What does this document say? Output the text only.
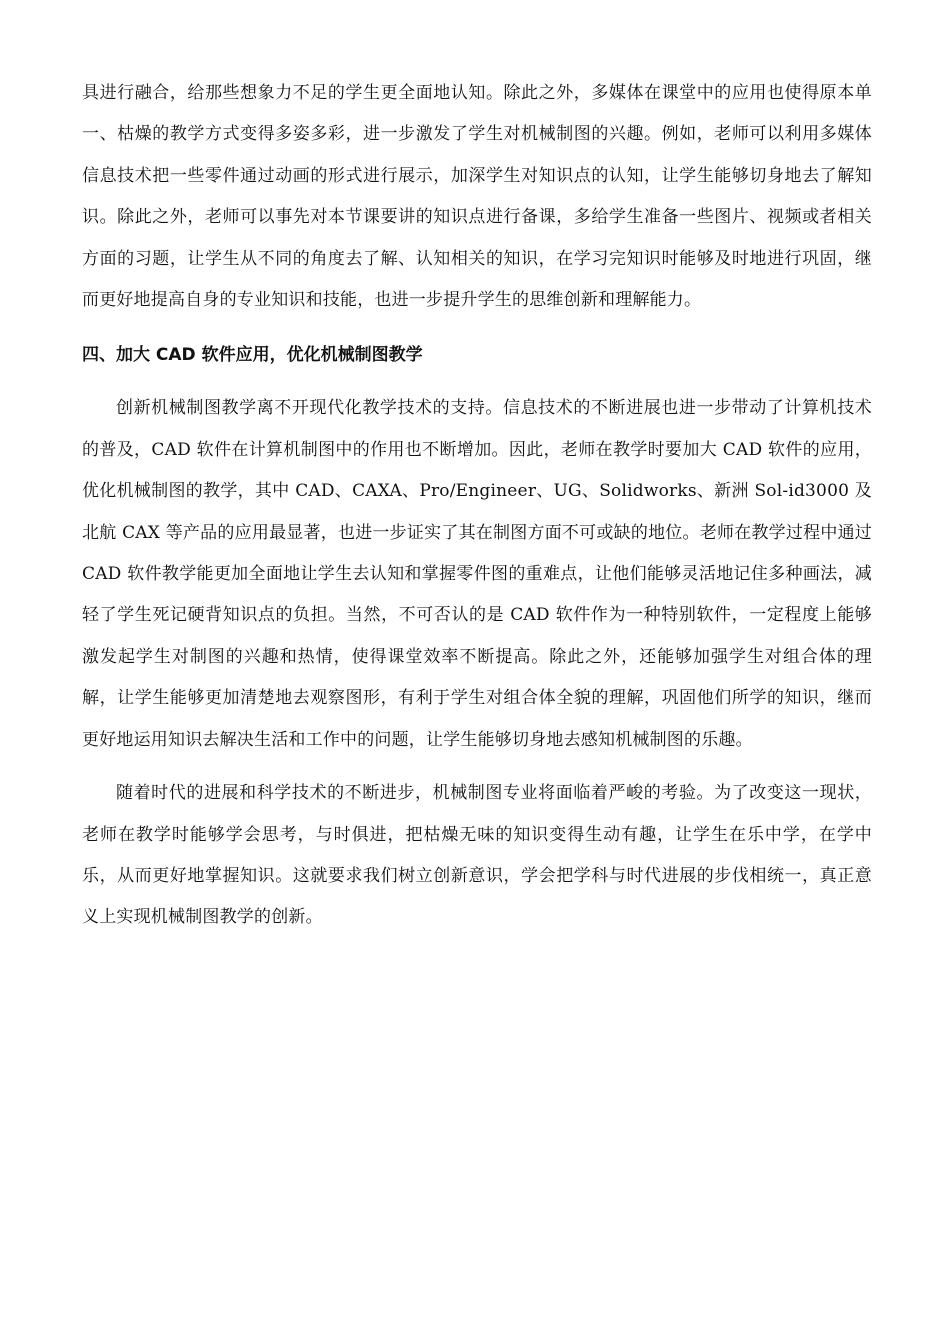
具进行融合，给那些想象力不足的学生更全面地认知。除此之外，多媒体在课堂中的应用也使得原本单一、枯燥的教学方式变得多姿多彩，进一步激发了学生对机械制图的兴趣。例如，老师可以利用多媒体信息技术把一些零件通过动画的形式进行展示，加深学生对知识点的认知，让学生能够切身地去了解知识。除此之外，老师可以事先对本节课要讲的知识点进行备课，多给学生准备一些图片、视频或者相关方面的习题，让学生从不同的角度去了解、认知相关的知识，在学习完知识时能够及时地进行巩固，继而更好地提高自身的专业知识和技能，也进一步提升学生的思维创新和理解能力。

四、加大 CAD 软件应用，优化机械制图教学

创新机械制图教学离不开现代化教学技术的支持。信息技术的不断进展也进一步带动了计算机技术的普及，CAD 软件在计算机制图中的作用也不断增加。因此，老师在教学时要加大 CAD 软件的应用，优化机械制图的教学，其中 CAD、CAXA、Pro/Engineer、UG、Solidworks、新洲 Sol-id3000 及北航 CAX 等产品的应用最显著，也进一步证实了其在制图方面不可或缺的地位。老师在教学过程中通过 CAD 软件教学能更加全面地让学生去认知和掌握零件图的重难点，让他们能够灵活地记住多种画法，减轻了学生死记硬背知识点的负担。当然，不可否认的是 CAD 软件作为一种特别软件，一定程度上能够激发起学生对制图的兴趣和热情，使得课堂效率不断提高。除此之外，还能够加强学生对组合体的理解，让学生能够更加清楚地去观察图形，有利于学生对组合体全貌的理解，巩固他们所学的知识，继而更好地运用知识去解决生活和工作中的问题，让学生能够切身地去感知机械制图的乐趣。

随着时代的进展和科学技术的不断进步，机械制图专业将面临着严峻的考验。为了改变这一现状，老师在教学时能够学会思考，与时俱进，把枯燥无味的知识变得生动有趣，让学生在乐中学，在学中乐，从而更好地掌握知识。这就要求我们树立创新意识，学会把学科与时代进展的步伐相统一，真正意义上实现机械制图教学的创新。
